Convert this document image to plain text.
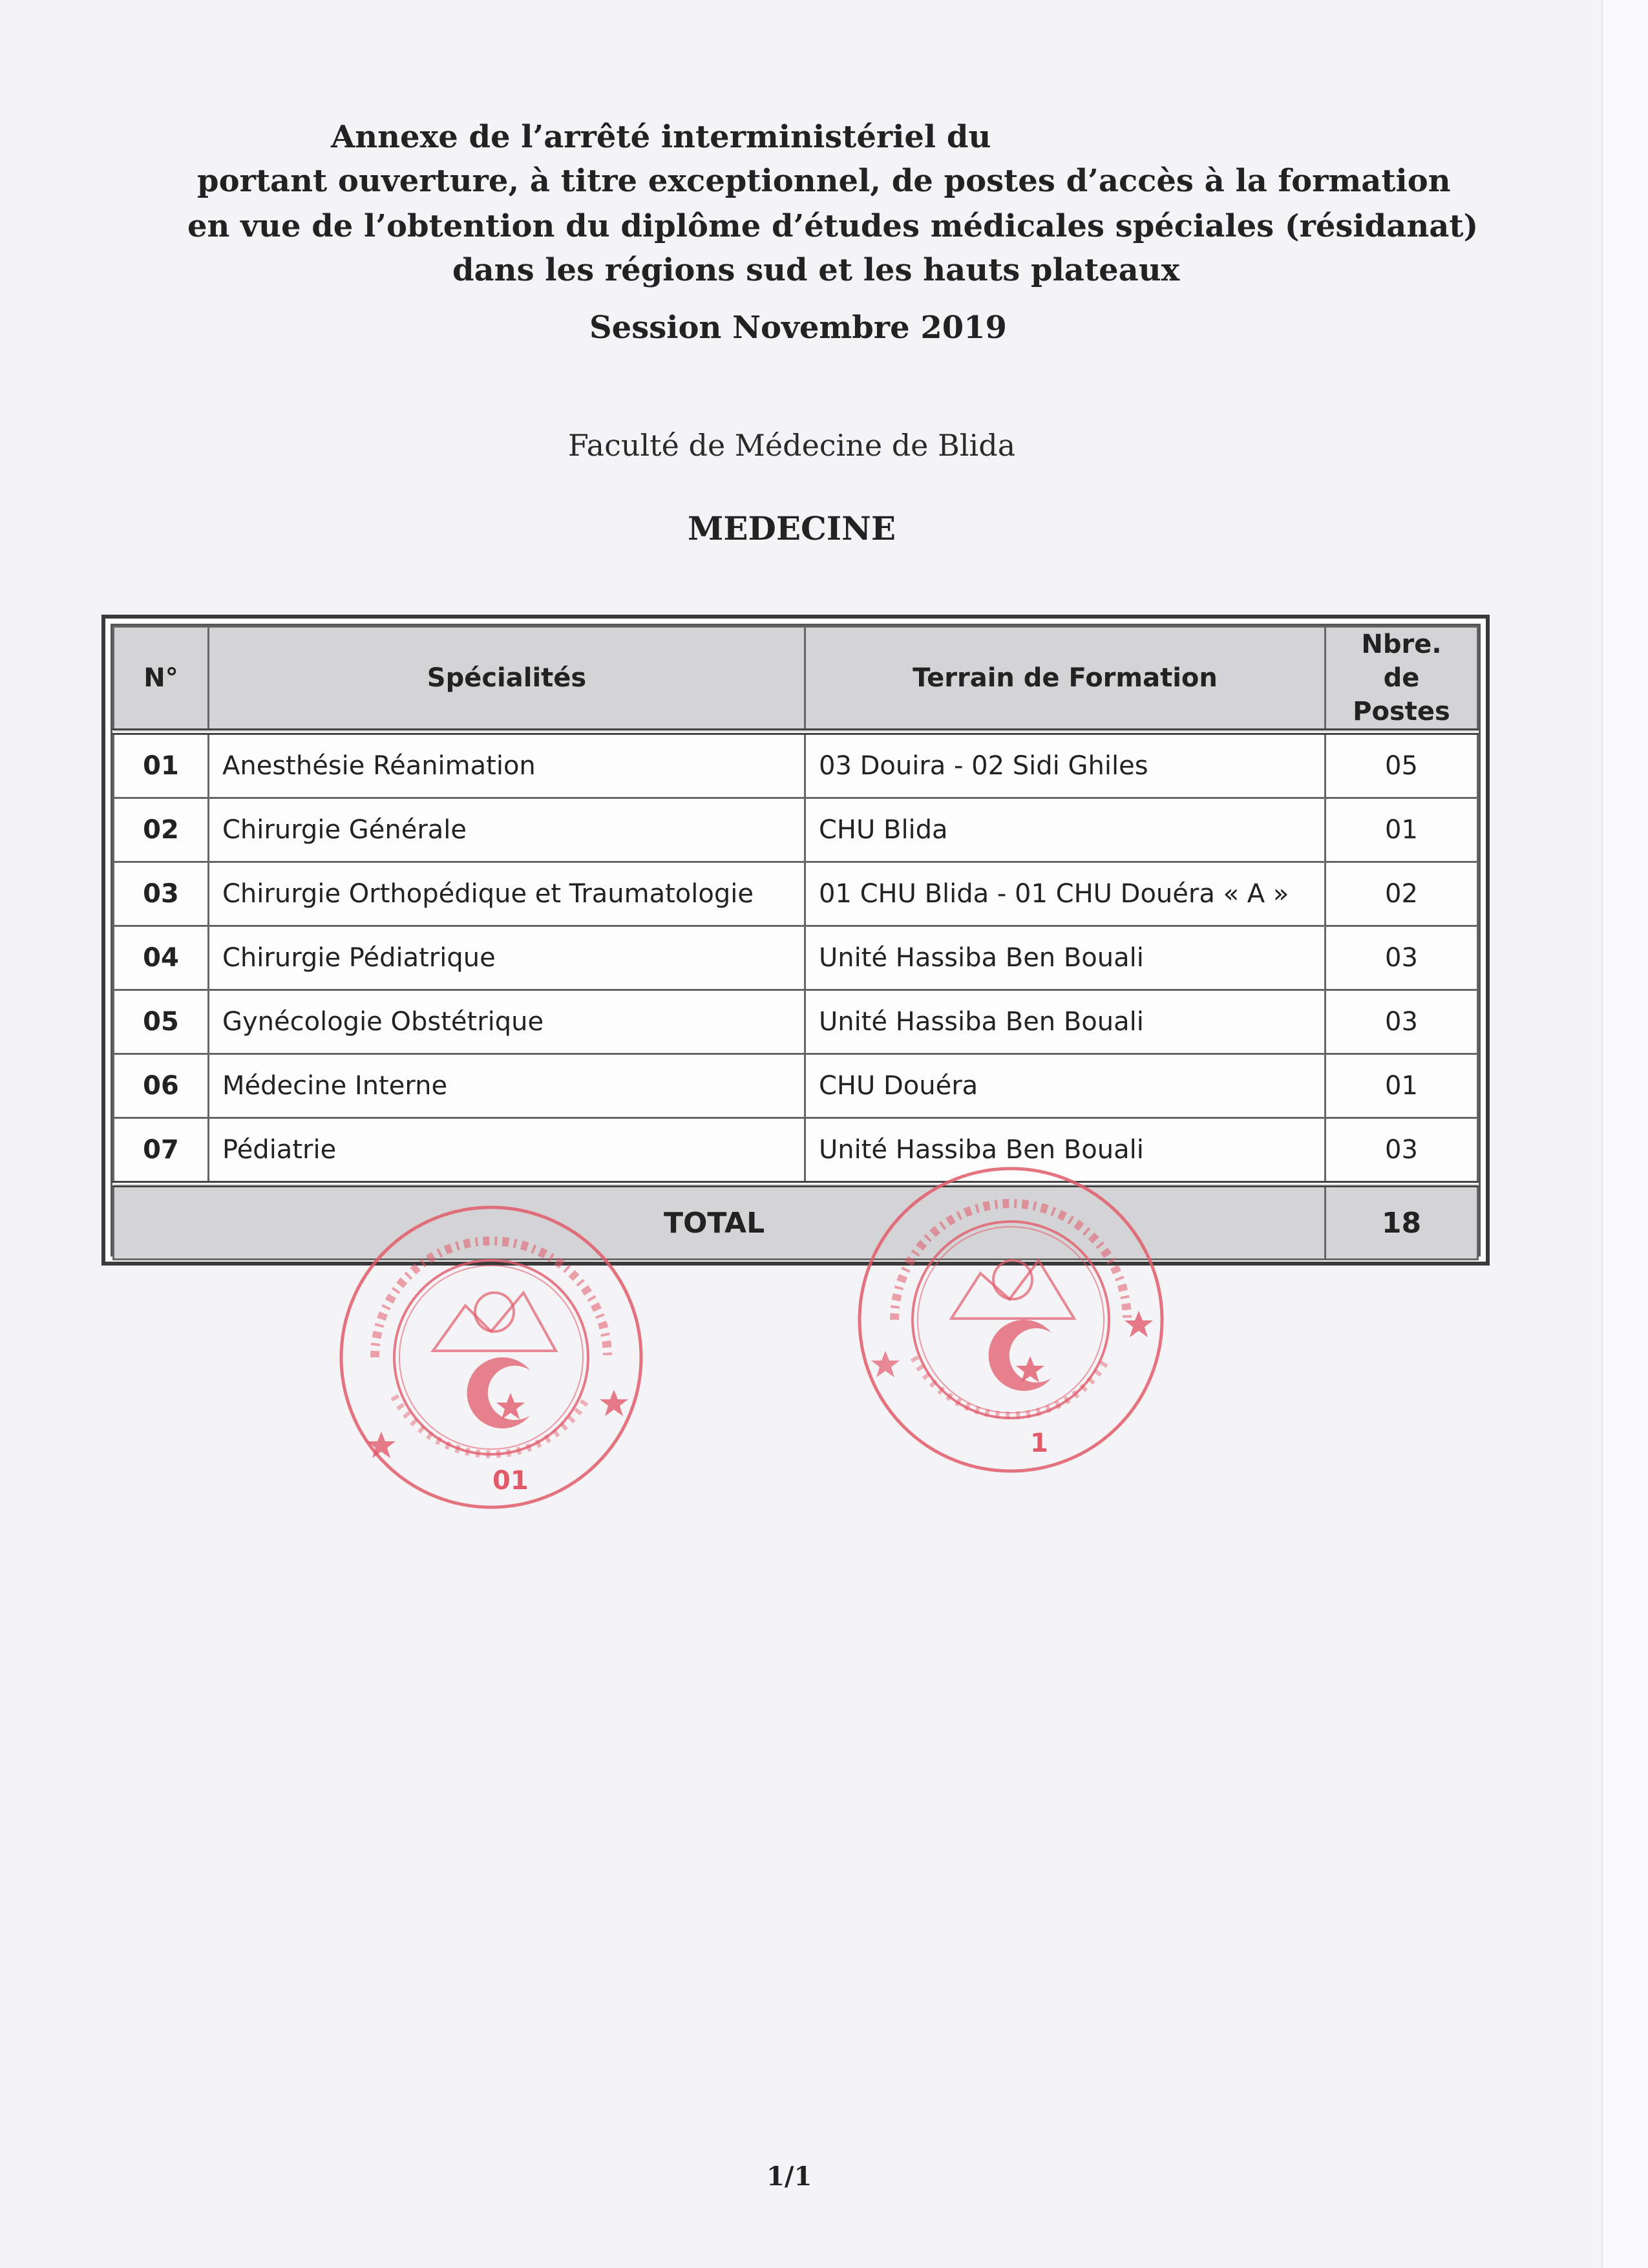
Annexe de l’arrêté interministériel du
portant ouverture, à titre exceptionnel, de postes d’accès à la formation
en vue de l’obtention du diplôme d’études médicales spéciales (résidanat)
dans les régions sud et les hauts plateaux
Session Novembre 2019
Faculté de Médecine de Blida
MEDECINE
N°	Spécialités	Terrain de Formation	Nbre. de
Postes
01	Anesthésie Réanimation	03 Douira - 02 Sidi Ghiles	05
02	Chirurgie Générale	CHU Blida	01
03	Chirurgie Orthopédique et Traumatologie	01 CHU Blida - 01 CHU Douéra « A »	02
04	Chirurgie Pédiatrique	Unité Hassiba Ben Bouali	03
05	Gynécologie Obstétrique	Unité Hassiba Ben Bouali	03
06	Médecine Interne	CHU Douéra	01
07	Pédiatrie	Unité Hassiba Ben Bouali	03
TOTAL			18
01
1
1/1
